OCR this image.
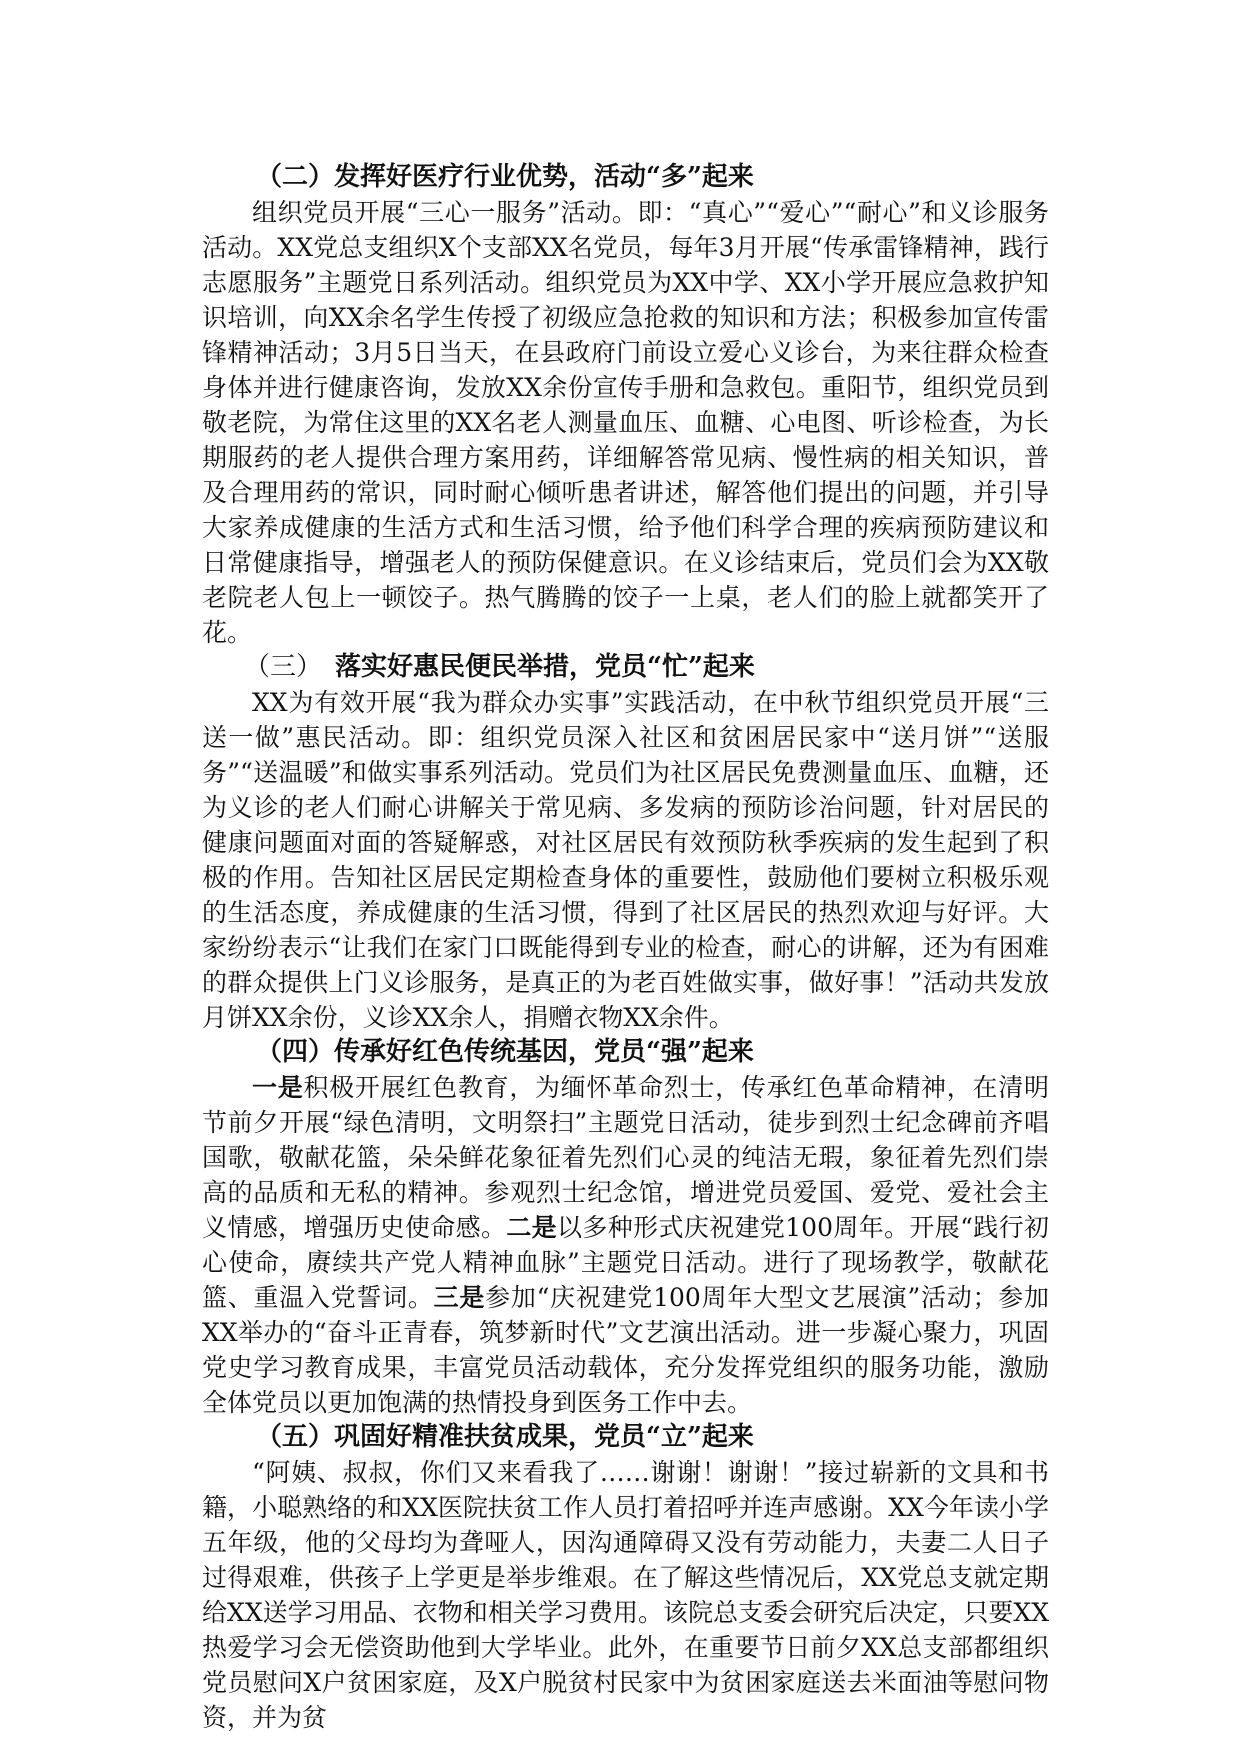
（二）发挥好医疗行业优势，活动“多”起来

组织党员开展“三心一服务”活动。即：“真心”“爱心”“耐心”和义诊服务活动。XX党总支组织X个支部XX名党员，每年3月开展“传承雷锋精神，践行志愿服务”主题党日系列活动。组织党员为XX中学、XX小学开展应急救护知识培训，向XX余名学生传授了初级应急抢救的知识和方法；积极参加宣传雷锋精神活动；3月5日当天，在县政府门前设立爱心义诊台，为来往群众检查身体并进行健康咨询，发放XX余份宣传手册和急救包。重阳节，组织党员到敬老院，为常住这里的XX名老人测量血压、血糖、心电图、听诊检查，为长期服药的老人提供合理方案用药，详细解答常见病、慢性病的相关知识，普及合理用药的常识，同时耐心倾听患者讲述，解答他们提出的问题，并引导大家养成健康的生活方式和生活习惯，给予他们科学合理的疾病预防建议和日常健康指导，增强老人的预防保健意识。在义诊结束后，党员们会为XX敬老院老人包上一顿饺子。热气腾腾的饺子一上桌，老人们的脸上就都笑开了花。

（三）  落实好惠民便民举措，党员“忙”起来

XX为有效开展“我为群众办实事”实践活动，在中秋节组织党员开展“三送一做”惠民活动。即：组织党员深入社区和贫困居民家中“送月饼”“送服务”“送温暖”和做实事系列活动。党员们为社区居民免费测量血压、血糖，还为义诊的老人们耐心讲解关于常见病、多发病的预防诊治问题，针对居民的健康问题面对面的答疑解惑，对社区居民有效预防秋季疾病的发生起到了积极的作用。告知社区居民定期检查身体的重要性，鼓励他们要树立积极乐观的生活态度，养成健康的生活习惯，得到了社区居民的热烈欢迎与好评。大家纷纷表示“让我们在家门口既能得到专业的检查，耐心的讲解，还为有困难的群众提供上门义诊服务，是真正的为老百姓做实事，做好事！”活动共发放月饼XX余份，义诊XX余人，捐赠衣物XX余件。

（四）传承好红色传统基因，党员“强”起来

一是积极开展红色教育，为缅怀革命烈士，传承红色革命精神，在清明节前夕开展“绿色清明，文明祭扫”主题党日活动，徒步到烈士纪念碑前齐唱国歌，敬献花篮，朵朵鲜花象征着先烈们心灵的纯洁无瑕，象征着先烈们崇高的品质和无私的精神。参观烈士纪念馆，增进党员爱国、爱党、爱社会主义情感，增强历史使命感。二是以多种形式庆祝建党100周年。开展“践行初心使命，赓续共产党人精神血脉”主题党日活动。进行了现场教学，敬献花篮、重温入党誓词。三是参加“庆祝建党100周年大型文艺展演”活动；参加XX举办的“奋斗正青春，筑梦新时代”文艺演出活动。进一步凝心聚力，巩固党史学习教育成果，丰富党员活动载体，充分发挥党组织的服务功能，激励全体党员以更加饱满的热情投身到医务工作中去。

（五）巩固好精准扶贫成果，党员“立”起来

“阿姨、叔叔，你们又来看我了……谢谢！谢谢！”接过崭新的文具和书籍，小聪熟络的和XX医院扶贫工作人员打着招呼并连声感谢。XX今年读小学五年级，他的父母均为聋哑人，因沟通障碍又没有劳动能力，夫妻二人日子过得艰难，供孩子上学更是举步维艰。在了解这些情况后，XX党总支就定期给XX送学习用品、衣物和相关学习费用。该院总支委会研究后决定，只要XX热爱学习会无偿资助他到大学毕业。此外，在重要节日前夕XX总支部都组织党员慰问X户贫困家庭，及X户脱贫村民家中为贫困家庭送去米面油等慰问物资，并为贫
